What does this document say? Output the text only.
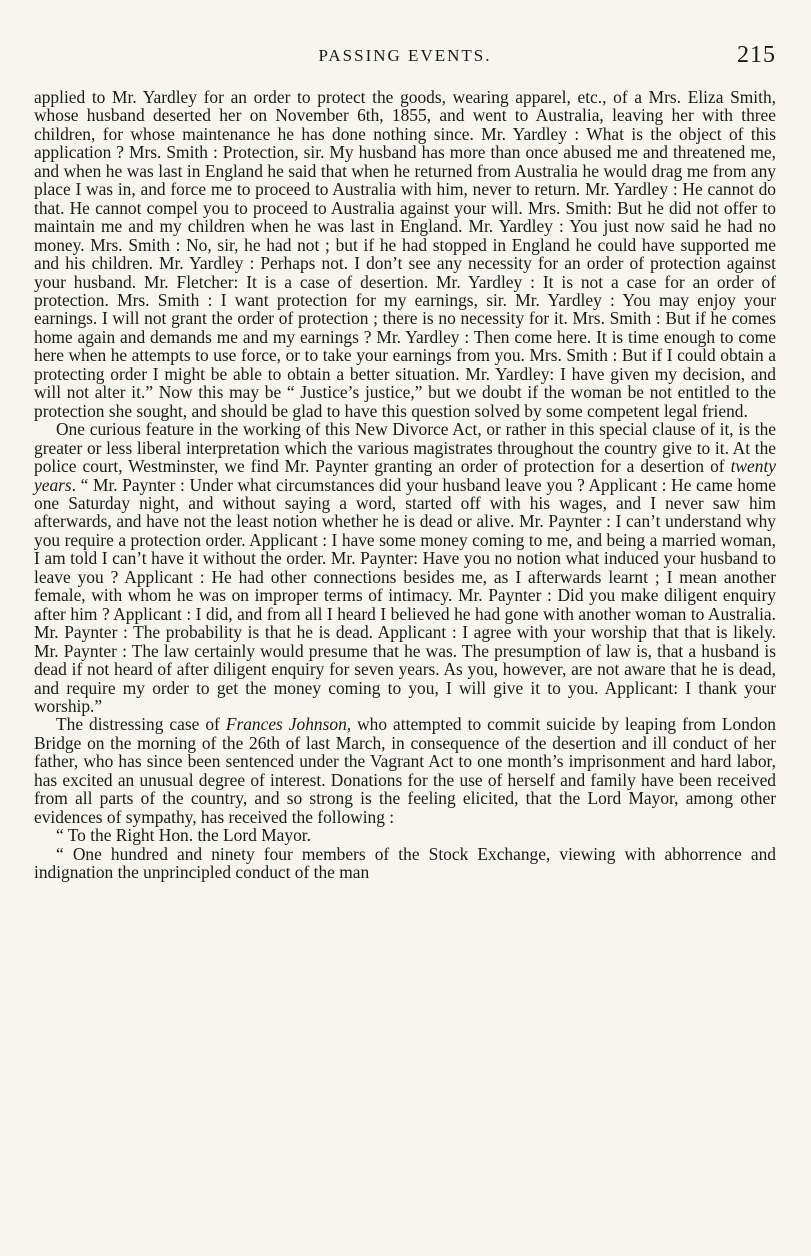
PASSING EVENTS.	215

applied to Mr. Yardley for an order to protect the goods, wearing apparel, etc., of a Mrs. Eliza Smith, whose husband deserted her on November 6th, 1855, and went to Australia, leaving her with three children, for whose maintenance he has done nothing since. Mr. Yardley : What is the object of this application ? Mrs. Smith : Protection, sir. My husband has more than once abused me and threatened me, and when he was last in England he said that when he returned from Australia he would drag me from any place I was in, and force me to proceed to Australia with him, never to return. Mr. Yardley : He cannot do that. He cannot compel you to proceed to Australia against your will. Mrs. Smith: But he did not offer to maintain me and my children when he was last in England. Mr. Yardley : You just now said he had no money. Mrs. Smith : No, sir, he had not ; but if he had stopped in England he could have supported me and his children. Mr. Yardley : Perhaps not. I don’t see any necessity for an order of protection against your husband. Mr. Fletcher: It is a case of desertion. Mr. Yardley : It is not a case for an order of protection. Mrs. Smith : I want protection for my earnings, sir. Mr. Yardley : You may enjoy your earnings. I will not grant the order of protection ; there is no necessity for it. Mrs. Smith : But if he comes home again and demands me and my earnings ? Mr. Yardley : Then come here. It is time enough to come here when he attempts to use force, or to take your earnings from you. Mrs. Smith : But if I could obtain a protecting order I might be able to obtain a better situation. Mr. Yardley: I have given my decision, and will not alter it.” Now this may be “ Justice’s justice,” but we doubt if the woman be not entitled to the protection she sought, and should be glad to have this question solved by some competent legal friend.

One curious feature in the working of this New Divorce Act, or rather in this special clause of it, is the greater or less liberal interpretation which the various magistrates throughout the country give to it. At the police court, Westminster, we find Mr. Paynter granting an order of protection for a desertion of twenty years. “ Mr. Paynter : Under what circumstances did your husband leave you ? Applicant : He came home one Saturday night, and without saying a word, started off with his wages, and I never saw him afterwards, and have not the least notion whether he is dead or alive. Mr. Paynter : I can’t understand why you require a protection order. Applicant : I have some money coming to me, and being a married woman, I am told I can’t have it without the order. Mr. Paynter: Have you no notion what induced your husband to leave you ? Applicant : He had other connections besides me, as I afterwards learnt ; I mean another female, with whom he was on improper terms of intimacy. Mr. Paynter : Did you make diligent enquiry after him ? Applicant : I did, and from all I heard I believed he had gone with another woman to Australia. Mr. Paynter : The probability is that he is dead. Applicant : I agree with your worship that that is likely. Mr. Paynter : The law certainly would presume that he was. The presumption of law is, that a husband is dead if not heard of after diligent enquiry for seven years. As you, however, are not aware that he is dead, and require my order to get the money coming to you, I will give it to you. Applicant: I thank your worship.”

The distressing case of Frances Johnson, who attempted to commit suicide by leaping from London Bridge on the morning of the 26th of last March, in consequence of the desertion and ill conduct of her father, who has since been sentenced under the Vagrant Act to one month’s imprisonment and hard labor, has excited an unusual degree of interest. Donations for the use of herself and family have been received from all parts of the country, and so strong is the feeling elicited, that the Lord Mayor, among other evidences of sympathy, has received the following :

“ To the Right Hon. the Lord Mayor.

“ One hundred and ninety four members of the Stock Exchange, viewing with abhorrence and indignation the unprincipled conduct of the man
